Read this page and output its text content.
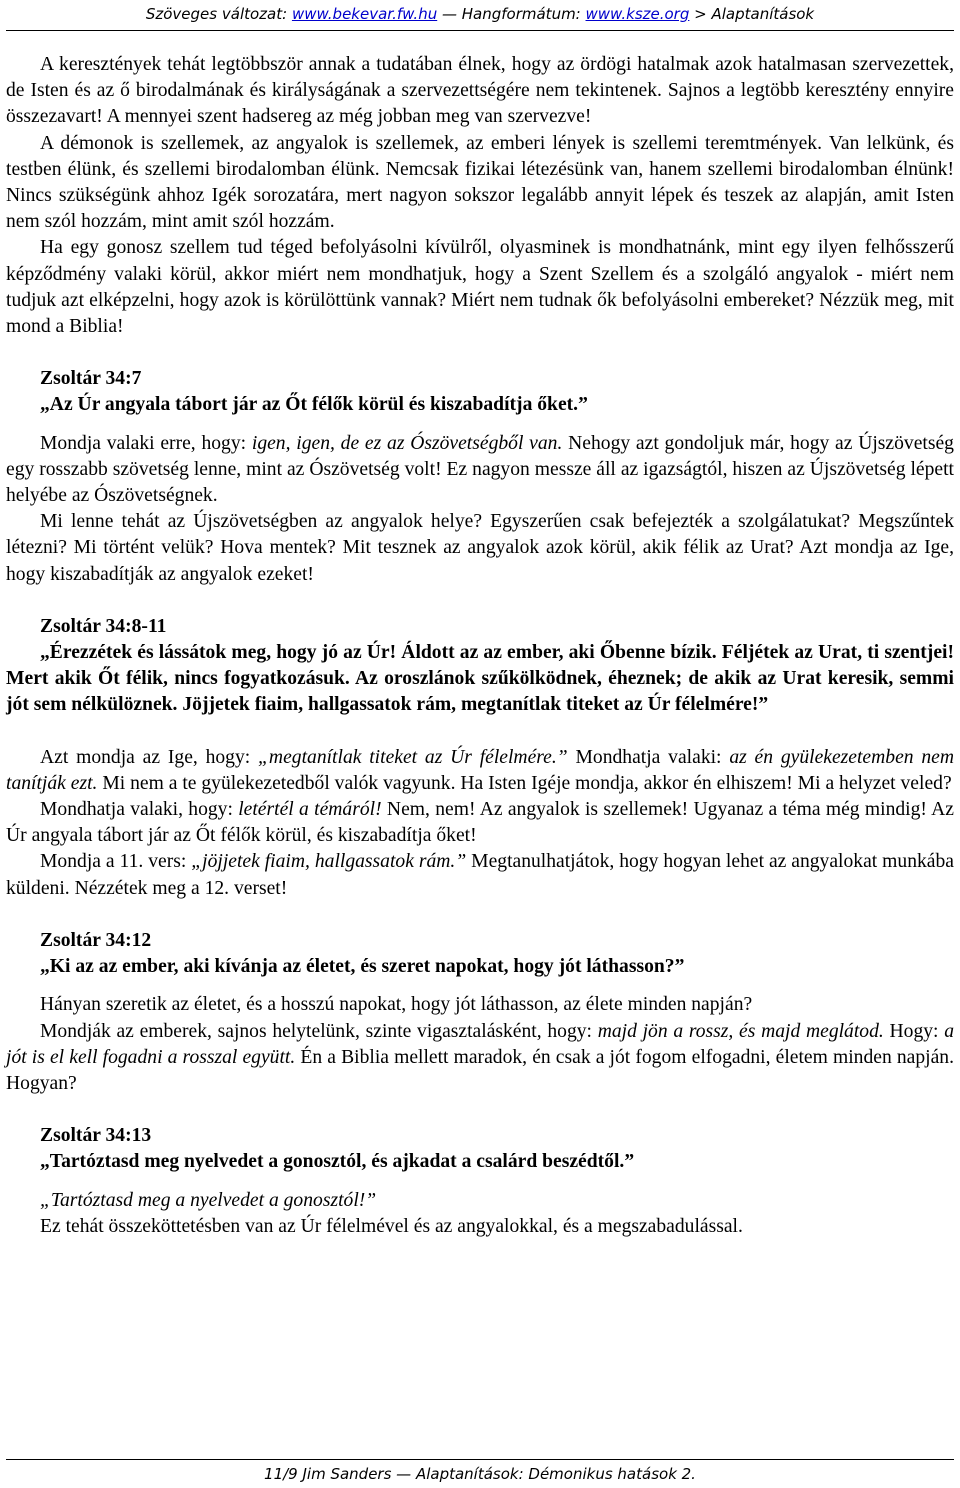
Szöveges változat: www.bekevar.fw.hu — Hangformátum: www.ksze.org > Alaptanítások

A keresztények tehát legtöbbször annak a tudatában élnek, hogy az ördögi hatalmak azok hatalmasan szervezettek, de Isten és az ő birodalmának és királyságának a szervezettségére nem tekintenek. Sajnos a legtöbb keresztény ennyire összezavart! A mennyei szent hadsereg az még jobban meg van szervezve!

A démonok is szellemek, az angyalok is szellemek, az emberi lények is szellemi teremtmények. Van lelkünk, és testben élünk, és szellemi birodalomban élünk. Nemcsak fizikai létezésünk van, hanem szellemi birodalomban élnünk! Nincs szükségünk ahhoz Igék sorozatára, mert nagyon sokszor legalább annyit lépek és teszek az alapján, amit Isten nem szól hozzám, mint amit szól hozzám.

Ha egy gonosz szellem tud téged befolyásolni kívülről, olyasminek is mondhatnánk, mint egy ilyen felhősszerű képződmény valaki körül, akkor miért nem mondhatjuk, hogy a Szent Szellem és a szolgáló angyalok - miért nem tudjuk azt elképzelni, hogy azok is körülöttünk vannak? Miért nem tudnak ők befolyásolni embereket? Nézzük meg, mit mond a Biblia!

Zsoltár 34:7

„Az Úr angyala tábort jár az Őt félők körül és kiszabadítja őket.”

Mondja valaki erre, hogy: igen, igen, de ez az Ószövetségből van. Nehogy azt gondoljuk már, hogy az Újszövetség egy rosszabb szövetség lenne, mint az Ószövetség volt! Ez nagyon messze áll az igazságtól, hiszen az Újszövetség lépett helyébe az Ószövetségnek.

Mi lenne tehát az Újszövetségben az angyalok helye? Egyszerűen csak befejezték a szolgálatukat? Megszűntek létezni? Mi történt velük? Hova mentek? Mit tesznek az angyalok azok körül, akik félik az Urat? Azt mondja az Ige, hogy kiszabadítják az angyalok ezeket!

Zsoltár 34:8-11

„Érezzétek és lássátok meg, hogy jó az Úr! Áldott az az ember, aki Őbenne bízik. Féljétek az Urat, ti szentjei! Mert akik Őt félik, nincs fogyatkozásuk. Az oroszlánok szűkölködnek, éheznek; de akik az Urat keresik, semmi jót sem nélkülöznek. Jöjjetek fiaim, hallgassatok rám, megtanítlak titeket az Úr félelmére!”

Azt mondja az Ige, hogy: „megtanítlak titeket az Úr félelmére.” Mondhatja valaki: az én gyülekezetemben nem tanítják ezt. Mi nem a te gyülekezetedből valók vagyunk. Ha Isten Igéje mondja, akkor én elhiszem! Mi a helyzet veled?

Mondhatja valaki, hogy: letértél a témáról! Nem, nem! Az angyalok is szellemek! Ugyanaz a téma még mindig! Az Úr angyala tábort jár az Őt félők körül, és kiszabadítja őket!

Mondja a 11. vers: „jöjjetek fiaim, hallgassatok rám.” Megtanulhatjátok, hogy hogyan lehet az angyalokat munkába küldeni. Nézzétek meg a 12. verset!

Zsoltár 34:12

„Ki az az ember, aki kívánja az életet, és szeret napokat, hogy jót láthasson?”

Hányan szeretik az életet, és a hosszú napokat, hogy jót láthasson, az élete minden napján?

Mondják az emberek, sajnos helytelünk, szinte vigasztalásként, hogy: majd jön a rossz, és majd meglátod. Hogy: a jót is el kell fogadni a rosszal együtt. Én a Biblia mellett maradok, én csak a jót fogom elfogadni, életem minden napján. Hogyan?

Zsoltár 34:13

„Tartóztasd meg nyelvedet a gonosztól, és ajkadat a csalárd beszédtől.”

„Tartóztasd meg a nyelvedet a gonosztól!”

Ez tehát összeköttetésben van az Úr félelmével és az angyalokkal, és a megszabadulással.

11/9 Jim Sanders — Alaptanítások: Démonikus hatások 2.
